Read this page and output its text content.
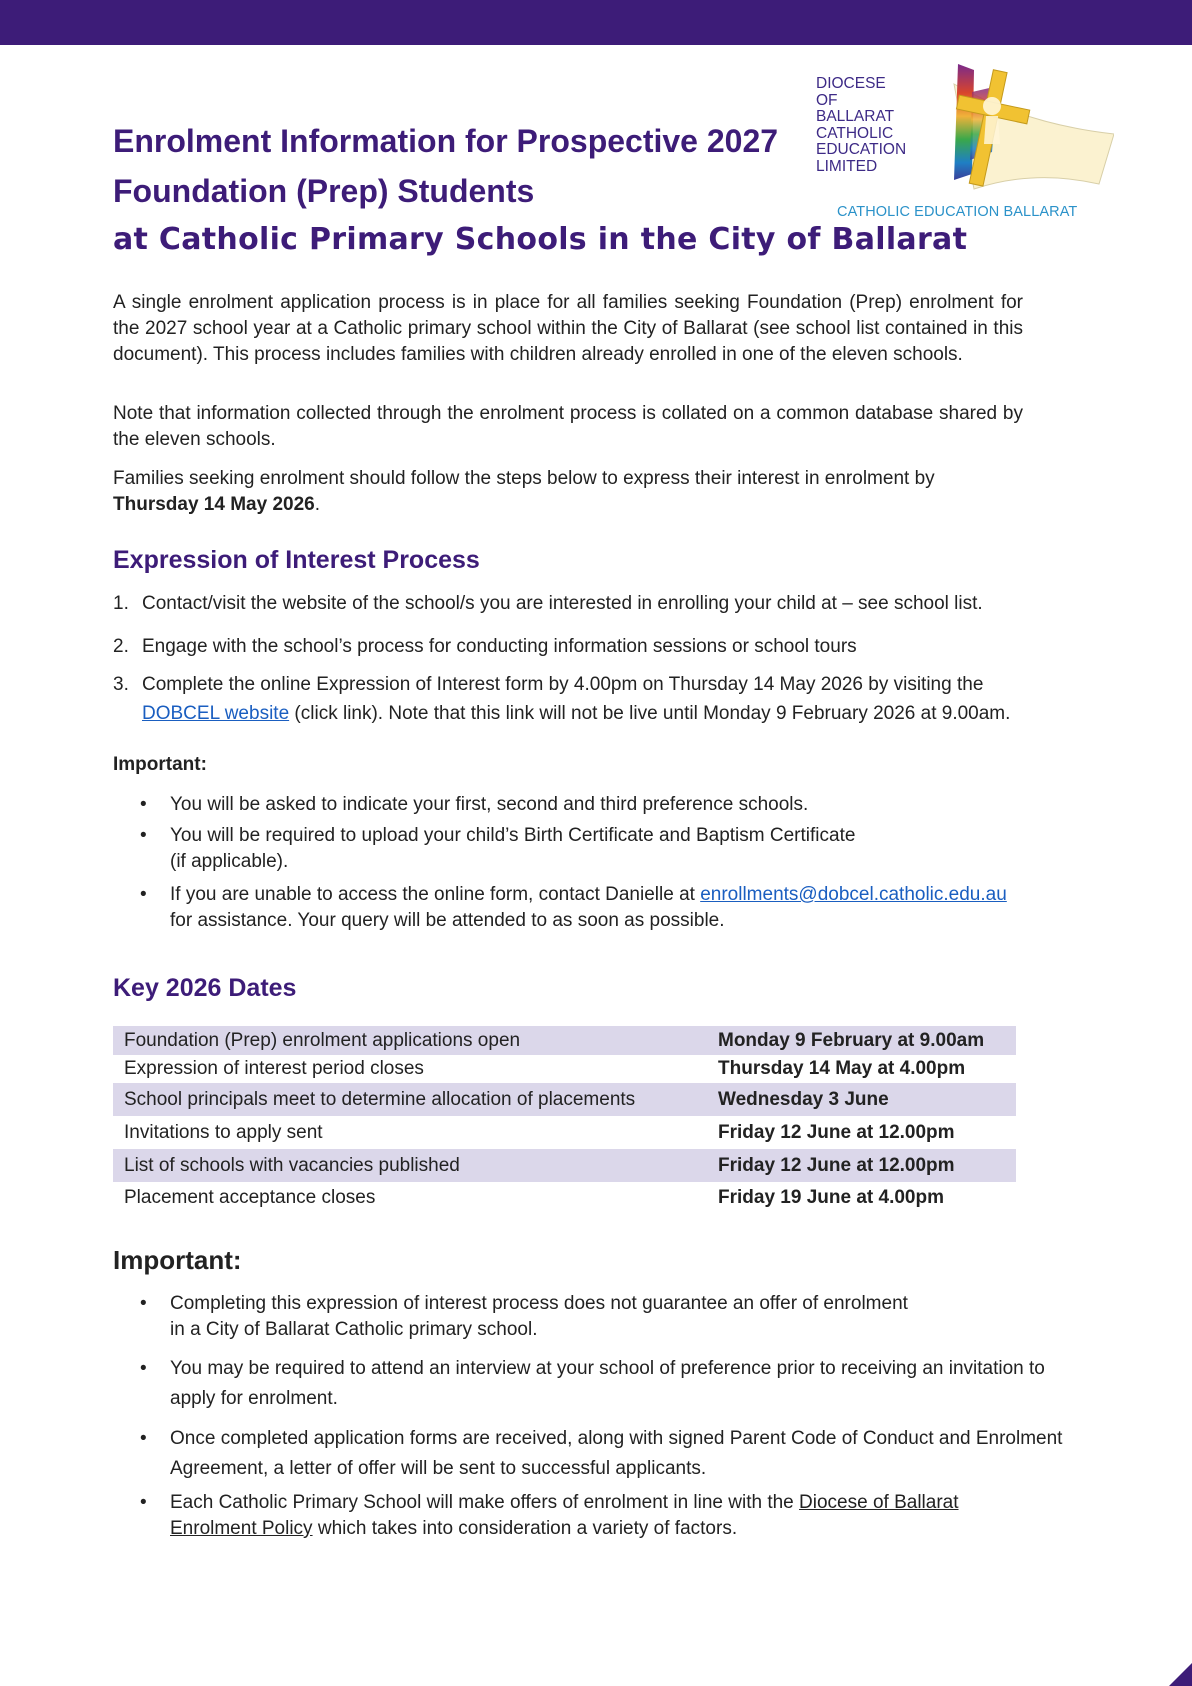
DIOCESE
OF
BALLARAT
CATHOLIC
EDUCATION
LIMITED
CATHOLIC EDUCATION BALLARAT
Enrolment Information for Prospective 2027
Foundation (Prep) Students
at Catholic Primary Schools in the City of Ballarat

A single enrolment application process is in place for all families seeking Foundation (Prep) enrolment for the 2027 school year at a Catholic primary school within the City of Ballarat (see school list contained in this document). This process includes families with children already enrolled in one of the eleven schools.

Note that information collected through the enrolment process is collated on a common database shared by the eleven schools.

Families seeking enrolment should follow the steps below to express their interest in enrolment by
Thursday 14 May 2026.

Expression of Interest Process
1. Contact/visit the website of the school/s you are interested in enrolling your child at – see school list.
2. Engage with the school’s process for conducting information sessions or school tours
3. Complete the online Expression of Interest form by 4.00pm on Thursday 14 May 2026 by visiting the
DOBCEL website (click link). Note that this link will not be live until Monday 9 February 2026 at 9.00am.

Important:

• You will be asked to indicate your first, second and third preference schools.
• You will be required to upload your child’s Birth Certificate and Baptism Certificate
(if applicable).
• If you are unable to access the online form, contact Danielle at enrollments@dobcel.catholic.edu.au
for assistance. Your query will be attended to as soon as possible.
Key 2026 Dates
Foundation (Prep) enrolment applications open	Monday 9 February at 9.00am
Expression of interest period closes	Thursday 14 May at 4.00pm
School principals meet to determine allocation of placements	Wednesday 3 June
Invitations to apply sent	Friday 12 June at 12.00pm
List of schools with vacancies published	Friday 12 June at 12.00pm
Placement acceptance closes	Friday 19 June at 4.00pm
Important:
• Completing this expression of interest process does not guarantee an offer of enrolment
in a City of Ballarat Catholic primary school.
• You may be required to attend an interview at your school of preference prior to receiving an invitation to apply for enrolment.
• Once completed application forms are received, along with signed Parent Code of Conduct and Enrolment Agreement, a letter of offer will be sent to successful applicants.
• Each Catholic Primary School will make offers of enrolment in line with the Diocese of Ballarat
Enrolment Policy which takes into consideration a variety of factors.
